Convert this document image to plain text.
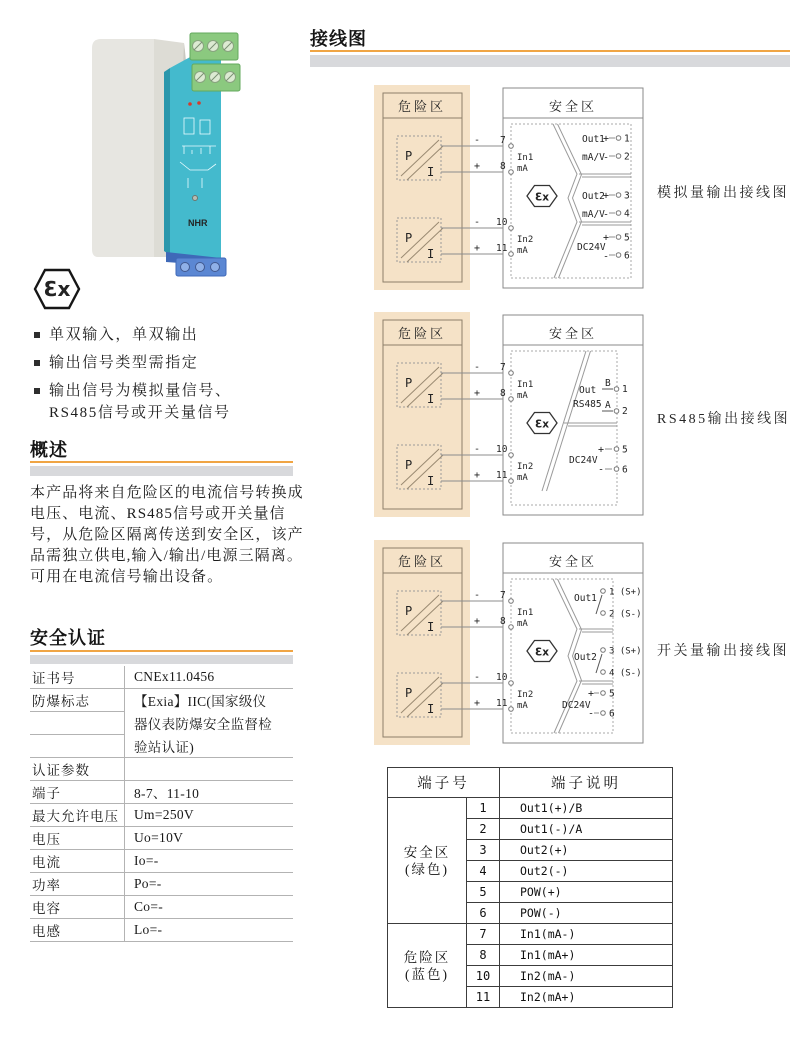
NHR
Ɛx
单双输入，单双输出
输出信号类型需指定
输出信号为模拟量信号、RS485信号或开关量信号
概述
本产品将来自危险区的电流信号转换成电压、电流、RS485信号或开关量信号，从危险区隔离传送到安全区，该产品需独立供电,输入/输出/电源三隔离。可用在电流信号输出设备。
安全认证
证书号	CNEx11.0456
防爆标志	【Exia】IIC(国家级仪
	器仪表防爆安全监督检
	验站认证)
认证参数	
端子	8-7、11-10
最大允许电压	Um=250V
电压	Uo=10V
电流	Io=-
功率	Po=-
电容	Co=-
电感	Lo=-
接线图
危险区
P
I
P
I
-
+
-
+
安全区
7
8
10
11
In1
mA
In2
mA
Ɛx
Out1
mA/V
+
-
1
2
Out2
mA/V
+
-
3
4
DC24V
+
-
5
6
模拟量输出接线图
危险区
P
I
P
I
-
+
-
+
安全区
7
8
10
11
In1
mA
In2
mA
Ɛx
Out
RS485
B
1
A
2
DC24V
+
-
5
6
RS485输出接线图
危险区
P
I
P
I
-
+
-
+
安全区
7
8
10
11
In1
mA
In2
mA
Ɛx
Out1
1 (S+)
2 (S-)
Out2
3 (S+)
4 (S-)
DC24V
+
-
5
6
开关量输出接线图
端子号		端子说明

安全区
(绿色)	1	Out1(+)/B
	2	Out1(-)/A
	3	Out2(+)
	4	Out2(-)
	5	POW(+)
	6	POW(-)

危险区
(蓝色)	7	In1(mA-)
	8	In1(mA+)
	10	In2(mA-)
	11	In2(mA+)
